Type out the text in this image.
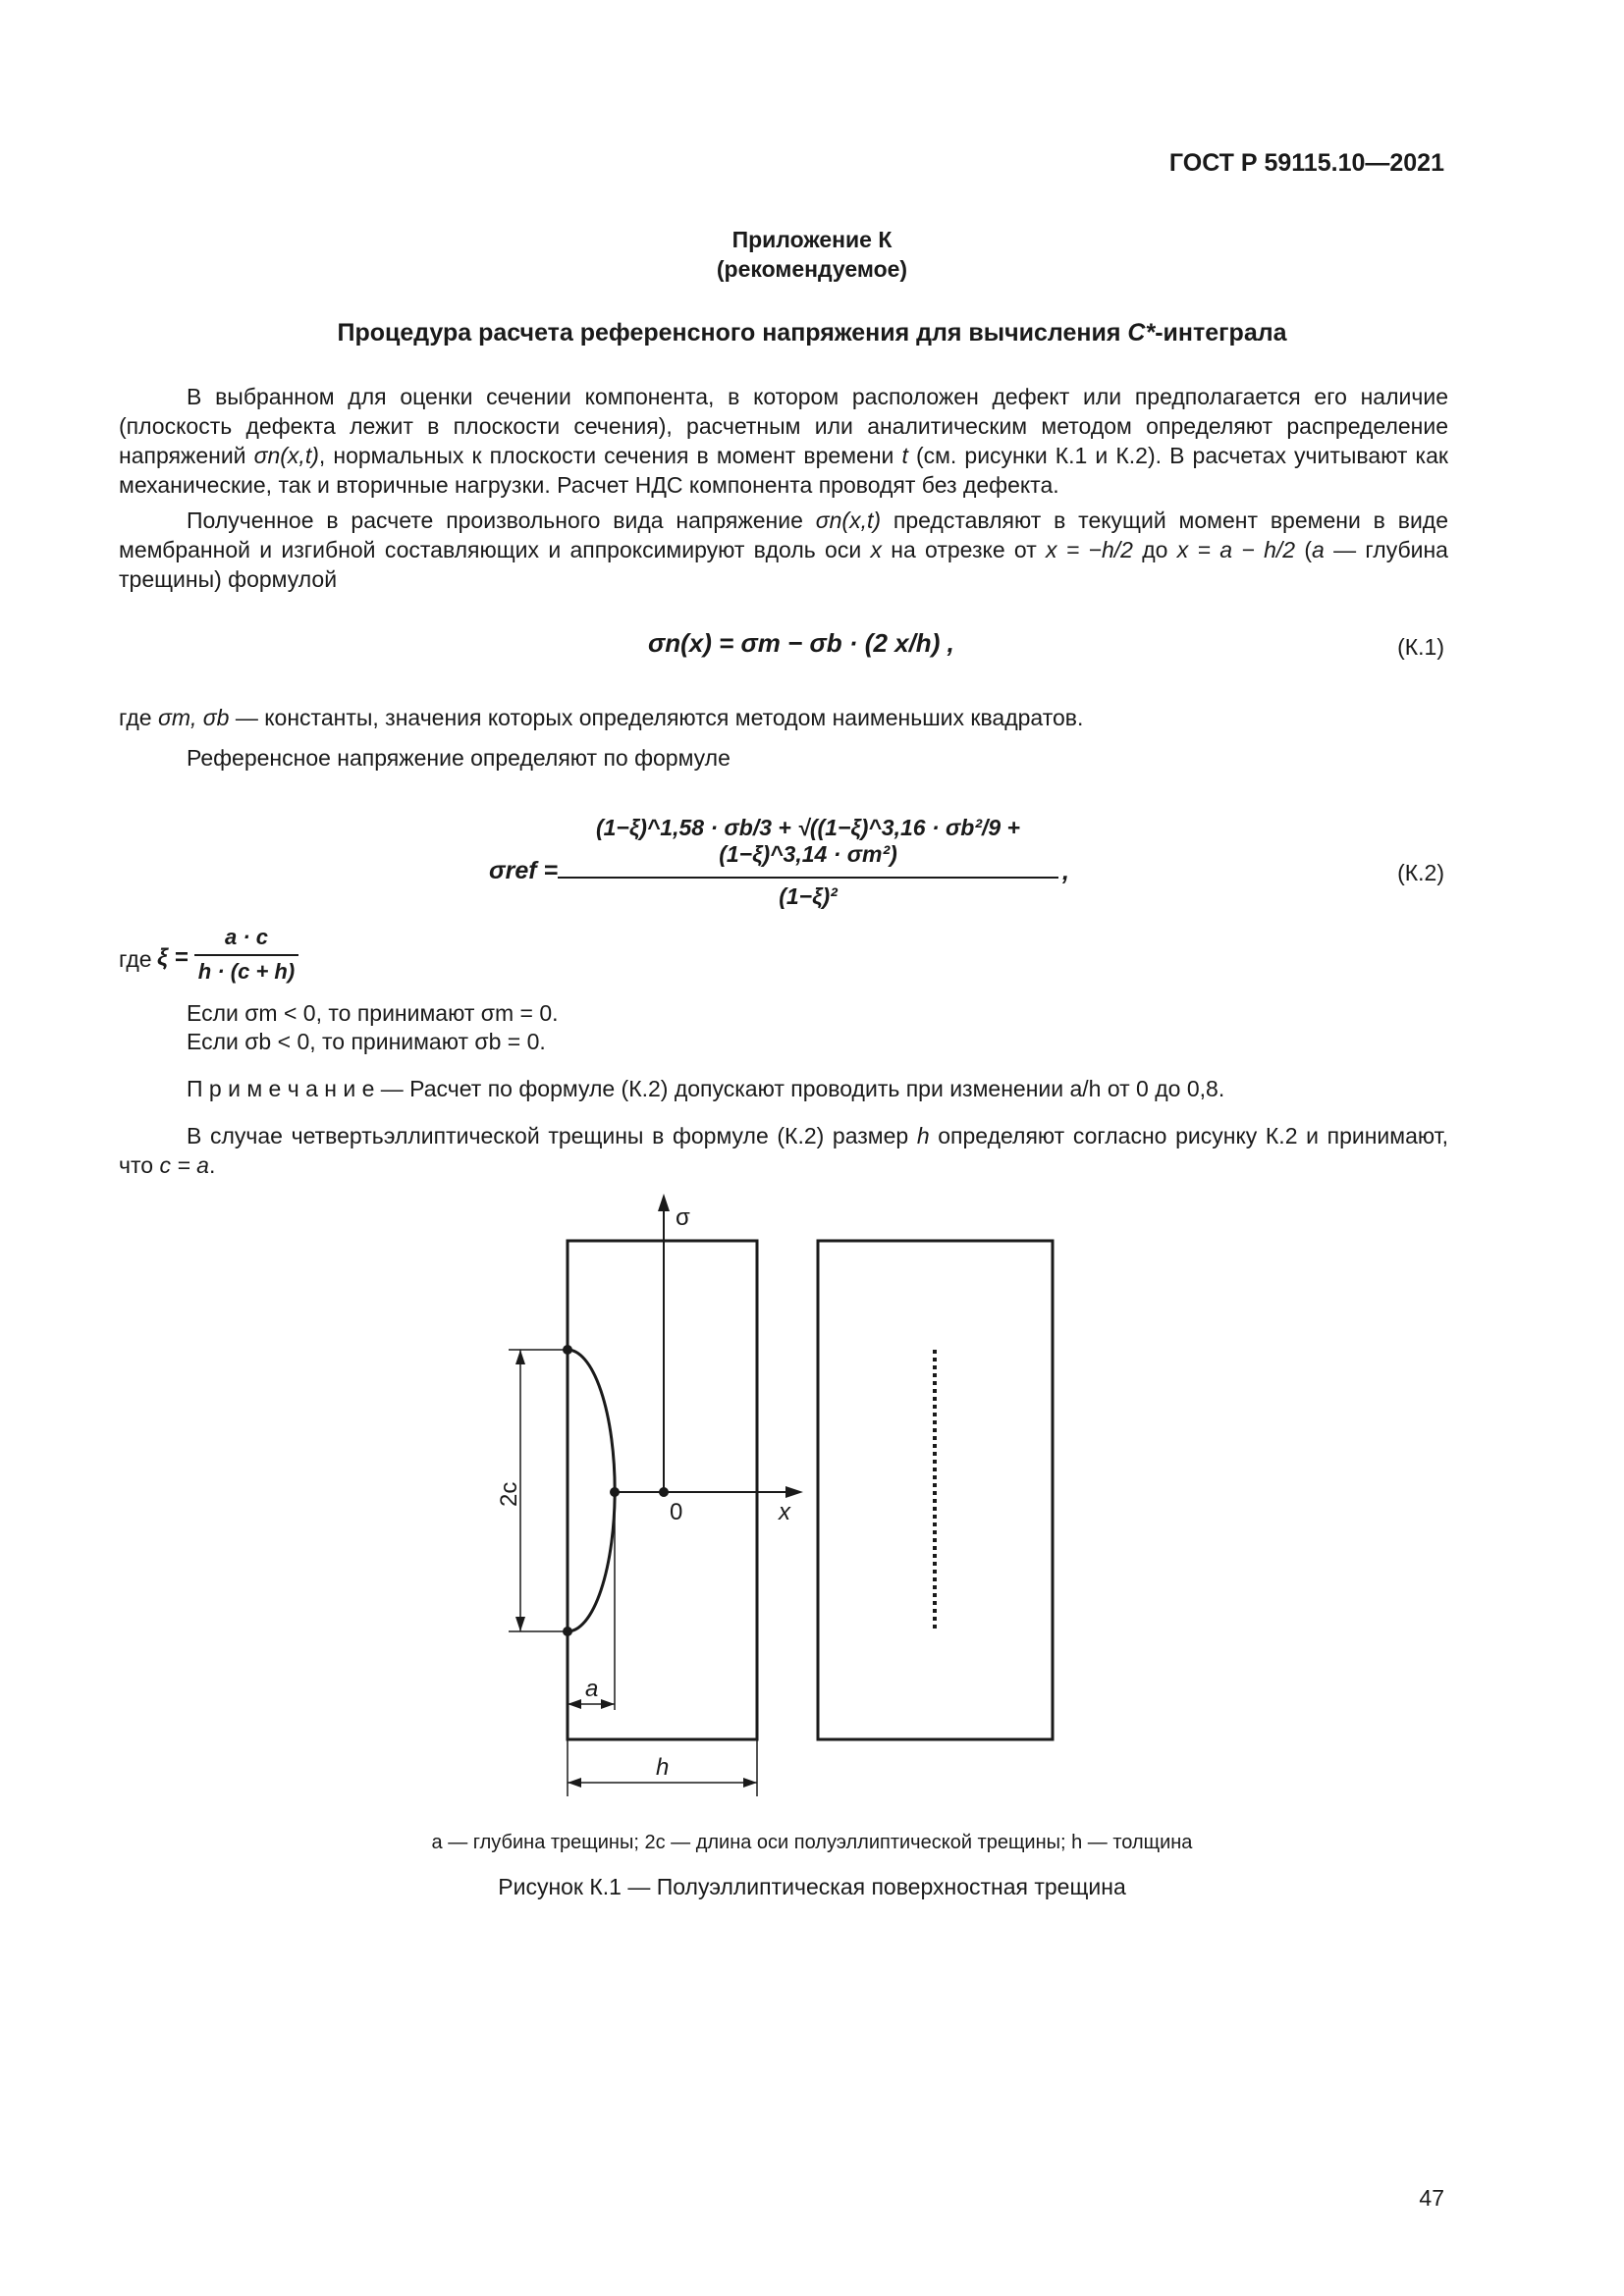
ГОСТ Р 59115.10—2021
Приложение К
(рекомендуемое)
Процедура расчета референсного напряжения для вычисления C*-интеграла
В выбранном для оценки сечении компонента, в котором расположен дефект или предполагается его наличие (плоскость дефекта лежит в плоскости сечения), расчетным или аналитическим методом определяют распределение напряжений σn(x,t), нормальных к плоскости сечения в момент времени t (см. рисунки К.1 и К.2). В расчетах учитывают как механические, так и вторичные нагрузки. Расчет НДС компонента проводят без дефекта.
Полученное в расчете произвольного вида напряжение σn(x,t) представляют в текущий момент времени в виде мембранной и изгибной составляющих и аппроксимируют вдоль оси x на отрезке от x = −h/2 до x = a − h/2 (a — глубина трещины) формулой
σn(x) = σm − σb · (2 x/h) ,	(К.1)
где σm, σb — константы, значения которых определяются методом наименьших квадратов.
Референсное напряжение определяют по формуле
σref =
(1−ξ)^1,58 · σb/3 + √((1−ξ)^3,16 · σb²/9 + (1−ξ)^3,14 · σm²)
(1−ξ)²
,	(К.2)
где ξ =
a · c
h · (c + h)
Если σm < 0, то принимают σm = 0.
Если σb < 0, то принимают σb = 0.
П р и м е ч а н и е — Расчет по формуле (К.2) допускают проводить при изменении a/h от 0 до 0,8.
В случае четвертьэллиптической трещины в формуле (К.2) размер h определяют согласно рисунку К.2 и принимают, что c = a.
σ
x
0
2c
a
h
a — глубина трещины; 2c — длина оси полуэллиптической трещины; h — толщина
Рисунок К.1 — Полуэллиптическая поверхностная трещина
47
